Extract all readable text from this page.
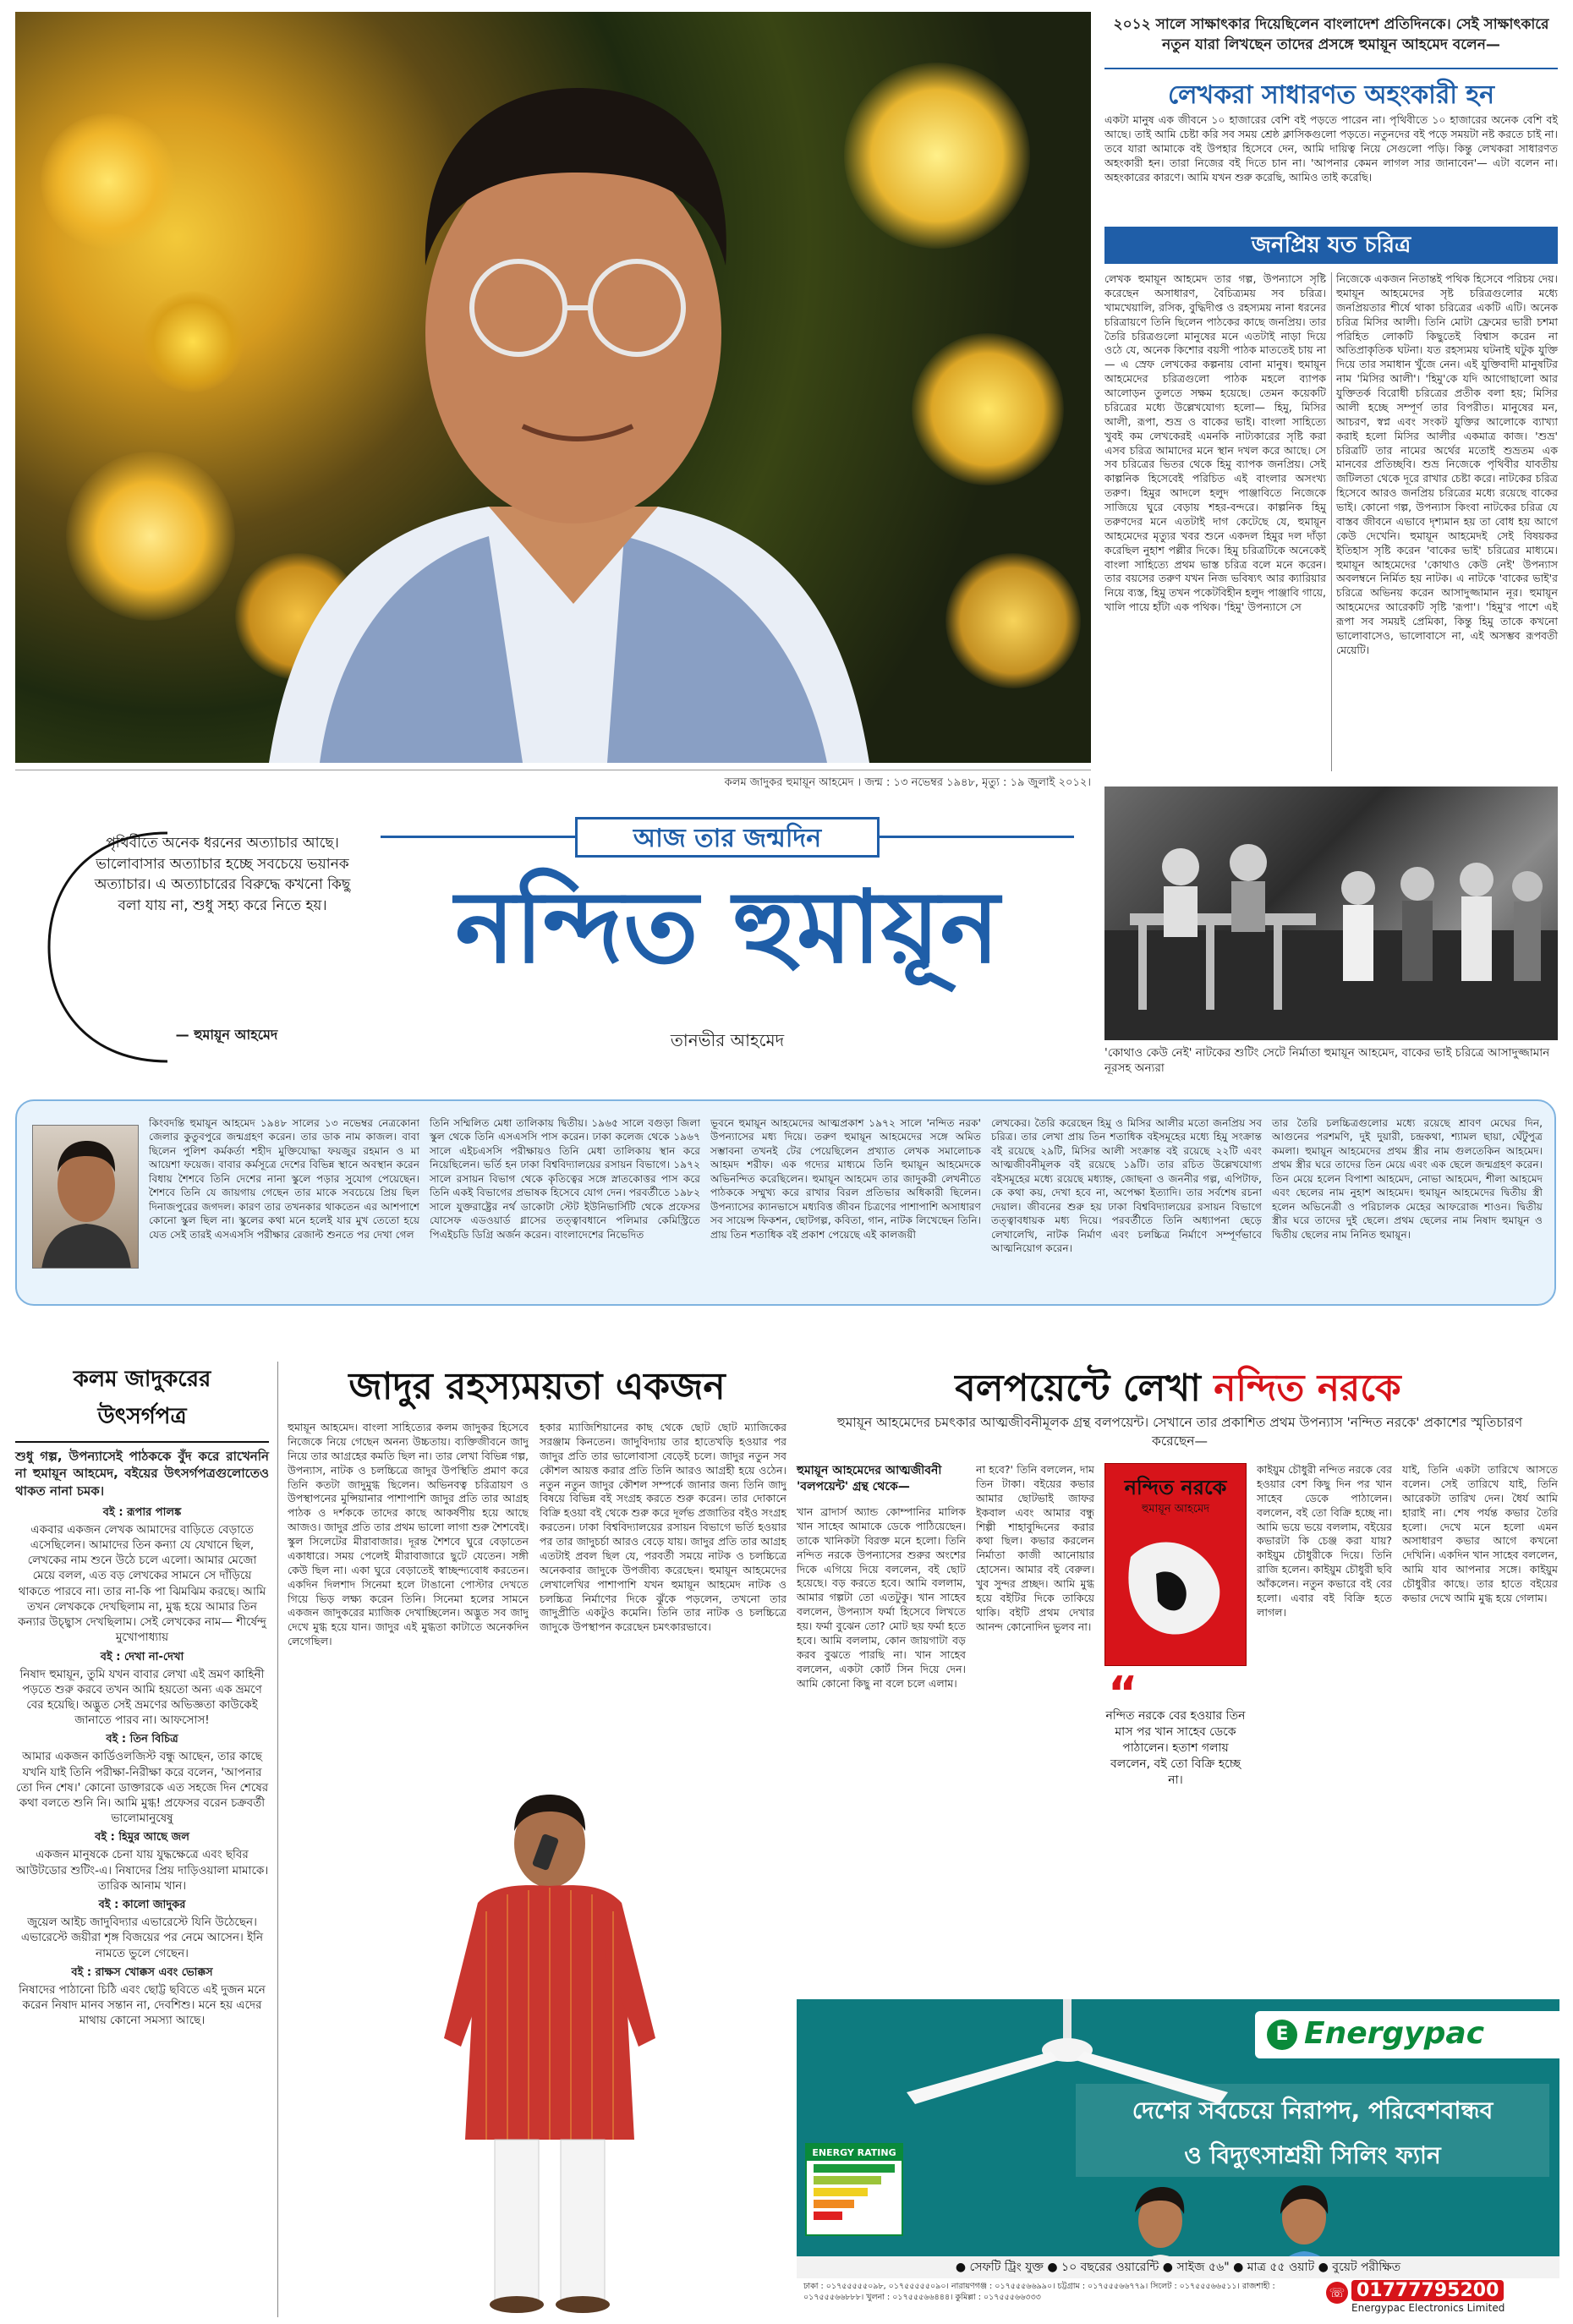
কলম জাদুকর হুমায়ূন আহমেদ । জন্ম : ১৩ নভেম্বর ১৯৪৮, মৃত্যু : ১৯ জুলাই ২০১২।
২০১২ সালে সাক্ষাৎকার দিয়েছিলেন বাংলাদেশ প্রতিদিনকে। সেই সাক্ষাৎকারে নতুন যারা লিখছেন তাদের প্রসঙ্গে হুমায়ূন আহমেদ বলেন—
লেখকরা সাধারণত অহংকারী হন
একটা মানুষ এক জীবনে ১০ হাজারের বেশি বই পড়তে পারেন না। পৃথিবীতে ১০ হাজারের অনেক বেশি বই আছে। তাই আমি চেষ্টা করি সব সময় শ্রেষ্ঠ ক্লাসিকগুলো পড়তে। নতুনদের বই পড়ে সময়টা নষ্ট করতে চাই না। তবে যারা আমাকে বই উপহার হিসেবে দেন, আমি দায়িত্ব নিয়ে সেগুলো পড়ি। কিন্তু লেখকরা সাধারণত অহংকারী হন। তারা নিজের বই দিতে চান না। 'আপনার কেমন লাগল সার জানাবেন'— এটা বলেন না। অহংকারের কারণে। আমি যখন শুরু করেছি, আমিও তাই করেছি।
জনপ্রিয় যত চরিত্র
লেখক হুমায়ূন আহমেদ তার গল্প, উপন্যাসে সৃষ্টি করেছেন অসাধারণ, বৈচিত্র্যময় সব চরিত্র। খামখেয়ালি, রসিক, বুদ্ধিদীপ্ত ও রহস্যময় নানা ধরনের চরিত্রায়ণে তিনি ছিলেন পাঠকের কাছে জনপ্রিয়। তার তৈরি চরিত্রগুলো মানুষের মনে এতটাই নাড়া দিয়ে ওঠে যে, অনেক কিশোর বয়সী পাঠক মাততেই চায় না— এ স্রেফ লেখকের কল্পনায় বোনা মানুষ। হুমায়ূন আহমেদের চরিত্রগুলো পাঠক মহলে ব্যাপক আলোড়ন তুলতে সক্ষম হয়েছে। তেমন কয়েকটি চরিত্রের মধ্যে উল্লেখযোগ্য হলো— হিমু, মিসির আলী, রূপা, শুভ্র ও বাকের ভাই। বাংলা সাহিত্যে খুবই কম লেখকেরই এমনকি নাট্যকারের সৃষ্টি করা এসব চরিত্র আমাদের মনে স্থান দখল করে আছে। সে সব চরিত্রের ভিতর থেকে হিমু ব্যাপক জনপ্রিয়। সেই কাল্পনিক হিসেবেই পরিচিত এই বাংলার অসংখ্য তরুণ। হিমুর আদলে হলুদ পাঞ্জাবিতে নিজেকে সাজিয়ে ঘুরে বেড়ায় শহর-বন্দরে। কাল্পনিক হিমু তরুণদের মনে এতটাই দাগ কেটেছে যে, হুমায়ূন আহমেদের মৃত্যুর খবর শুনে একদল হিমুর দল দাঁড়া করেছিল নুহাশ পল্লীর দিকে। হিমু চরিত্রটিকে অনেকেই বাংলা সাহিত্যে প্রথম ভাস্ত চরিত্র বলে মনে করেন। তার বয়সের তরুণ যখন নিজ ভবিষ্যৎ আর ক্যারিয়ার নিয়ে ব্যস্ত, হিমু তখন পকেটবিহীন হলুদ পাঞ্জাবি গায়ে, খালি পায়ে হাঁটা এক পথিক। 'হিমু' উপন্যাসে সে
নিজেকে একজন নিতান্তই পথিক হিসেবে পরিচয় দেয়। হুমায়ূন আহমেদের সৃষ্ট চরিত্রগুলোর মধ্যে জনপ্রিয়তার শীর্ষে থাকা চরিত্রের একটি এটি। অনেক চরিত্র মিসির আলী। তিনি মোটা ফ্রেমের ভারী চশমা পরিহিত লোকটি কিছুতেই বিশ্বাস করেন না অতিপ্রাকৃতিক ঘটনা। যত রহস্যময় ঘটনাই ঘটুক যুক্তি দিয়ে তার সমাধান খুঁজে নেন। এই যুক্তিবাদী মানুষটির নাম 'মিসির আলী'। 'হিমু'কে যদি আগোছালো আর যুক্তিতর্ক বিরোধী চরিত্রের প্রতীক বলা হয়; মিসির আলী হচ্ছে সম্পূর্ণ তার বিপরীত। মানুষের মন, আচরণ, স্বপ্ন এবং সংকট যুক্তির আলোকে ব্যাখ্যা করাই হলো মিসির আলীর একমাত্র কাজ। 'শুভ্র' চরিত্রটি তার নামের অর্থের মতোই শুভ্রতম এক মানবের প্রতিচ্ছবি। শুভ্র নিজেকে পৃথিবীর যাবতীয় জটিলতা থেকে দূরে রাখার চেষ্টা করে। নাটকের চরিত্র হিসেবে আরও জনপ্রিয় চরিত্রের মধ্যে রয়েছে বাকের ভাই। কোনো গল্প, উপন্যাস কিংবা নাটকের চরিত্র যে বাস্তব জীবনে এভাবে দৃশ্যমান হয় তা বোধ হয় আগে কেউ দেখেনি। হুমায়ূন আহমেদই সেই বিষয়কর ইতিহাস সৃষ্টি করেন 'বাকের ভাই' চরিত্রের মাধ্যমে। হুমায়ূন আহমেদের 'কোথাও কেউ নেই' উপন্যাস অবলম্বনে নির্মিত হয় নাটক। এ নাটকে 'বাকের ভাই'র চরিত্রে অভিনয় করেন আসাদুজ্জামান নূর। হুমায়ূন আহমেদের আরেকটি সৃষ্টি 'রূপা'। 'হিমু'র পাশে এই রূপা সব সময়ই প্রেমিকা, কিন্তু হিমু তাকে কখনো ভালোবাসেও, ভালোবাসে না, এই অসম্ভব রূপবতী মেয়েটি।
পৃথিবীতে অনেক ধরনের অত্যাচার আছে। ভালোবাসার অত্যাচার হচ্ছে সবচেয়ে ভয়ানক অত্যাচার। এ অত্যাচারের বিরুদ্ধে কখনো কিছু বলা যায় না, শুধু সহ্য করে নিতে হয়।
— হুমায়ূন আহমেদ
আজ তার জন্মদিন
নন্দিত হুমায়ূন
তানভীর আহমেদ
'কোথাও কেউ নেই' নাটকের শুটিং সেটে নির্মাতা হুমায়ূন আহমেদ, বাকের ভাই চরিত্রে আসাদুজ্জামান নূরসহ অন্যরা
কিংবদন্তি হুমায়ূন আহমেদ ১৯৪৮ সালের ১৩ নভেম্বর নেত্রকোনা জেলার কুতুবপুরে জন্মগ্রহণ করেন। তার ডাক নাম কাজল। বাবা ছিলেন পুলিশ কর্মকর্তা শহীদ মুক্তিযোদ্ধা ফয়জুর রহমান ও মা আয়েশা ফয়েজ। বাবার কর্মসূত্রে দেশের বিভিন্ন স্থানে অবস্থান করেন বিধায় শৈশবে তিনি দেশের নানা স্কুলে পড়ার সুযোগ পেয়েছেন। শৈশবে তিনি যে জায়গায় গেছেন তার মাকে সবচেয়ে প্রিয় ছিল দিনাজপুরের জগদল। কারণ তার তখনকার থাকতেন এর আশপাশে কোনো স্কুল ছিল না। স্কুলের কথা মনে হলেই যার মুখ তেতো হয়ে যেত সেই তারই এসএসসি পরীক্ষার রেজাল্ট শুনতে পর দেখা গেল
তিনি সম্মিলিত মেধা তালিকায় দ্বিতীয়। ১৯৬৫ সালে বগুড়া জিলা স্কুল থেকে তিনি এসএসসি পাস করেন। ঢাকা কলেজ থেকে ১৯৬৭ সালে এইচএসসি পরীক্ষায়ও তিনি মেধা তালিকায় স্থান করে নিয়েছিলেন। ভর্তি হন ঢাকা বিশ্ববিদ্যালয়ের রসায়ন বিভাগে। ১৯৭২ সালে রসায়ন বিভাগ থেকে কৃতিত্বের সঙ্গে স্নাতকোত্তর পাস করে তিনি একই বিভাগের প্রভাষক হিসেবে যোগ দেন। পরবর্তীতে ১৯৮২ সালে যুক্তরাষ্ট্রের নর্থ ডাকোটা স্টেট ইউনিভার্সিটি থেকে প্রফেসর যোসেফ এডওয়ার্ড গ্লাসের তত্ত্বাবধানে পলিমার কেমিস্ট্রিতে পিএইচডি ডিগ্রি অর্জন করেন। বাংলাদেশের নিভেদিত
ভূবনে হুমায়ূন আহমেদের আত্মপ্রকাশ ১৯৭২ সালে 'নন্দিত নরক' উপন্যাসের মধ্য দিয়ে। তরুণ হুমায়ূন আহমেদের সঙ্গে অমিত সম্ভাবনা তখনই টের পেয়েছিলেন প্রখ্যাত লেখক সমালোচক আহমদ শরীফ। এক গদ্যের মাধ্যমে তিনি হুমায়ূন আহমেদকে অভিনন্দিত করেছিলেন। হুমায়ূন আহমেদ তার জাদুকরী লেখনীতে পাঠককে সম্মুখ্য করে রাখার বিরল প্রতিভার অধিকারী ছিলেন। উপন্যাসের ক্যানভাসে মধ্যবিত্ত জীবন চিত্রণের পাশাপাশি অসাধারণ সব সায়েন্স ফিকশন, ছোটগল্প, কবিতা, গান, নাটক লিখেছেন তিনি। প্রায় তিন শতাধিক বই প্রকাশ পেয়েছে এই কালজয়ী
লেখকের। তৈরি করেছেন হিমু ও মিসির আলীর মতো জনপ্রিয় সব চরিত্র। তার লেখা প্রায় তিন শতাধিক বইসমূহের মধ্যে হিমু সংক্রান্ত বই রয়েছে ২৯টি, মিসির আলী সংক্রান্ত বই রয়েছে ২২টি এবং আত্মজীবনীমূলক বই রয়েছে ১৯টি। তার রচিত উল্লেখযোগ্য বইসমূহের মধ্যে রয়েছে মধ্যাহ্ন, জোছনা ও জননীর গল্প, এপিটাফ, কে কথা কয়, দেখা হবে না, অপেক্ষা ইত্যাদি। তার সর্বশেষ রচনা দেয়াল। জীবনের শুরু হয় ঢাকা বিশ্ববিদ্যালয়ের রসায়ন বিভাগে তত্ত্বাবধায়ক মধ্য দিয়ে। পরবর্তীতে তিনি অধ্যাপনা ছেড়ে লেখালেখি, নাটক নির্মাণ এবং চলচ্চিত্র নির্মাণে সম্পূর্ণভাবে আত্মনিয়োগ করেন।
তার তৈরি চলচ্চিত্রগুলোর মধ্যে রয়েছে শ্রাবণ মেঘের দিন, আগুনের পরশমণি, দুই দুয়ারী, চন্দ্রকথা, শ্যামল ছায়া, ঘেঁটুপুত্র কমলা। হুমায়ূন আহমেদের প্রথম স্ত্রীর নাম গুলতেকিন আহমেদ। প্রথম স্ত্রীর ঘরে তাদের তিন মেয়ে এবং এক ছেলে জন্মগ্রহণ করেন। তিন মেয়ে হলেন বিপাশা আহমেদ, নোভা আহমেদ, শীলা আহমেদ এবং ছেলের নাম নুহাশ আহমেদ। হুমায়ূন আহমেদের দ্বিতীয় স্ত্রী হলেন অভিনেত্রী ও পরিচালক মেহের আফরোজ শাওন। দ্বিতীয় স্ত্রীর ঘরে তাদের দুই ছেলে। প্রথম ছেলের নাম নিষাদ হুমায়ূন ও দ্বিতীয় ছেলের নাম নিনিত হুমায়ূন।
কলম জাদুকরের
উৎসর্গপত্র
শুধু গল্প, উপন্যাসেই পাঠককে বুঁদ করে রাখেননি না হুমায়ূন আহমেদ, বইয়ের উৎসর্গপত্রগুলোতেও থাকত নানা চমক।
বই : রূপার পালঙ্ক
একবার একজন লেখক আমাদের বাড়িতে বেড়াতে এসেছিলেন। আমাদের তিন কন্যা যে যেখানে ছিল, লেখকের নাম শুনে উঠে চলে এলো। আমার মেজো মেয়ে বলল, এত বড় লেখকের সামনে সে দাঁড়িয়ে থাকতে পারবে না। তার না-কি পা ঝিমঝিম করছে। আমি তখন লেখককে দেখছিলাম না, মুগ্ধ হয়ে আমার তিন কন্যার উচ্ছ্বাস দেখছিলাম। সেই লেখকের নাম— শীর্ষেন্দু মুখোপাধ্যায়
বই : দেখা না-দেখা
নিষাদ হুমায়ূন, তুমি যখন বাবার লেখা এই ভ্রমণ কাহিনী পড়তে শুরু করবে তখন আমি হয়তো অন্য এক ভ্রমণে বের হয়েছি। অদ্ভুত সেই ভ্রমণের অভিজ্ঞতা কাউকেই জানাতে পারব না। আফসোস!
বই : তিন বিচিত্র
আমার একজন কার্ডিওলজিস্ট বন্ধু আছেন, তার কাছে যখনি যাই তিনি পরীক্ষা-নিরীক্ষা করে বলেন, 'আপনার তো দিন শেষ।' কোনো ডাক্তারকে এত সহজে দিন শেষের কথা বলতে শুনি নি। আমি মুগ্ধ! প্রফেসর বরেন চক্রবর্তী ভালোমানুষেষু
বই : হিমুর আছে জল
একজন মানুষকে চেনা যায় যুদ্ধক্ষেত্রে এবং ছবির আউটডোর শুটিং-এ। নিষাদের প্রিয় দাড়িওয়ালা মামাকে। তারিক আনাম খান।
বই : কালো জাদুকর
জুয়েল আইচ জাদুবিদ্যার এভারেস্টে যিনি উঠেছেন। এভারেস্টে জয়ীরা শৃঙ্গ বিজয়ের পর নেমে আসেন। ইনি নামতে ভুলে গেছেন।
বই : রাক্ষস খোক্কস এবং ভোক্কস
নিষাদের পাঠানো চিঠি এবং ছোট্ট ছবিতে এই দুজন মনে করেন নিষাদ মানব সন্তান না, দেবশিশু। মনে হয় এদের মাথায় কোনো সমস্যা আছে।
জাদুর রহস্যময়তা একজন
হুমায়ূন আহমেদ। বাংলা সাহিত্যের কলম জাদুকর হিসেবে নিজেকে নিয়ে গেছেন অনন্য উচ্চতায়। ব্যক্তিজীবনে জাদু নিয়ে তার আগ্রহের কমতি ছিল না। তার লেখা বিভিন্ন গল্প, উপন্যাস, নাটক ও চলচ্চিত্রে জাদুর উপস্থিতি প্রমাণ করে তিনি কতটা জাদুমুগ্ধ ছিলেন। অভিনবত্ব চরিত্রায়ণ ও উপস্থাপনের মুন্সিয়ানার পাশাপাশি জাদুর প্রতি তার আগ্রহ পাঠক ও দর্শককে তাদের কাছে আকর্ষণীয় হয়ে আছে আজও। জাদুর প্রতি তার প্রথম ভালো লাগা শুরু শৈশবেই। স্কুল সিলেটের মীরাবাজার। দূরন্ত শৈশবে ঘুরে বেড়াতেন একাধারে। সময় পেলেই মীরাবাজারে ছুটে যেতেন। সঙ্গী কেউ ছিল না। একা ঘুরে বেড়াতেই স্বাচ্ছন্দ্যবোধ করতেন। একদিন দিলশাদ সিনেমা হলে টাঙানো পোস্টার দেখতে গিয়ে ভিড় লক্ষ্য করেন তিনি। সিনেমা হলের সামনে একজন জাদুকরের ম্যাজিক দেখাচ্ছিলেন। অদ্ভুত সব জাদু দেখে মুগ্ধ হয়ে যান। জাদুর এই মুগ্ধতা কাটাতে অনেকদিন লেগেছিল।
হকার ম্যাজিশিয়ানের কাছ থেকে ছোট ছোট ম্যাজিকের সরঞ্জাম কিনতেন। জাদুবিদ্যায় তার হাতেখড়ি হওয়ার পর জাদুর প্রতি তার ভালোবাসা বেড়েই চলে। জাদুর নতুন সব কৌশল আয়ত্ত করার প্রতি তিনি আরও আগ্রহী হয়ে ওঠেন। নতুন নতুন জাদুর কৌশল সম্পর্কে জানার জন্য তিনি জাদু বিষয়ে বিভিন্ন বই সংগ্রহ করতে শুরু করেন। তার দোকানে বিক্রি হওয়া বই থেকে শুরু করে দূর্লভ প্রজাতির বইও সংগ্রহ করতেন। ঢাকা বিশ্ববিদ্যালয়ের রসায়ন বিভাগে ভর্তি হওয়ার পর তার জাদুচর্চা আরও বেড়ে যায়। জাদুর প্রতি তার আগ্রহ এতটাই প্রবল ছিল যে, পরবর্তী সময়ে নাটক ও চলচ্চিত্রে অনেকবার জাদুকে উপজীব্য করেছেন। হুমায়ূন আহমেদের লেখালেখির পাশাপাশি যখন হুমায়ূন আহমেদ নাটক ও চলচ্চিত্র নির্মাণের দিকে ঝুঁকে পড়লেন, তখনো তার জাদুপ্রীতি একটুও কমেনি। তিনি তার নাটক ও চলচ্চিত্রে জাদুকে উপস্থাপন করেছেন চমৎকারভাবে।
বলপয়েন্টে লেখা নন্দিত নরকে
হুমায়ূন আহমেদের চমৎকার আত্মজীবনীমূলক গ্রন্থ বলপয়েন্ট। সেখানে তার প্রকাশিত প্রথম উপন্যাস 'নন্দিত নরকে' প্রকাশের স্মৃতিচারণ করেছেন—
হুমায়ূন আহমেদের আত্মজীবনী 'বলপয়েন্ট' গ্রন্থ থেকে—
খান ব্রাদার্স অ্যান্ড কোম্পানির মালিক খান সাহেব আমাকে ডেকে পাঠিয়েছেন। তাকে খানিকটা বিরক্ত মনে হলো। তিনি নন্দিত নরকে উপন্যাসের শুরুর অংশের দিকে এগিয়ে দিয়ে বললেন, বই ছোট হয়েছে। বড় করতে হবে। আমি বললাম, আমার গল্পটা তো এতটুকু। খান সাহেব বললেন, উপন্যাস ফর্মা হিসেবে লিখতে হয়। ফর্মা বুঝেন তো? মোট ছয় ফর্মা হতে হবে। আমি বললাম, কোন জায়গাটা বড় করব বুঝতে পারছি না। খান সাহেব বললেন, একটা কোর্ট সিন দিয়ে দেন। আমি কোনো কিছু না বলে চলে এলাম।
না হবে?' তিনি বললেন, দাম তিন টাকা। বইয়ের কভার আমার ছোটভাই জাফর ইকবাল এবং আমার বন্ধু শিল্পী শাহাবুদ্দিনের করার কথা ছিল। কভার করলেন নির্মাতা কাজী আনোয়ার হোসেন। আমার বই বেরুল। খুব সুন্দর প্রচ্ছদ। আমি মুগ্ধ হয়ে বইটির দিকে তাকিয়ে থাকি। বইটি প্রথম দেখার আনন্দ কোনোদিন ভুলব না।
নন্দিত নরকে
হুমায়ূন আহমেদ
“
নন্দিত নরকে বের হওয়ার তিন মাস পর খান সাহেব ডেকে পাঠালেন। হতাশ গলায় বললেন, বই তো বিক্রি হচ্ছে না।
কাইয়ুম চৌধুরী নন্দিত নরকে বের হওয়ার বেশ কিছু দিন পর খান সাহেব ডেকে পাঠালেন। বললেন, বই তো বিক্রি হচ্ছে না। আমি ভয়ে ভয়ে বললাম, বইয়ের কভারটা কি চেঞ্জ করা যায়? কাইয়ুম চৌধুরীকে দিয়ে। তিনি রাজি হলেন। কাইয়ুম চৌধুরী ছবি আঁকলেন। নতুন কভারে বই বের হলো। এবার বই বিক্রি হতে লাগল।
যাই, তিনি একটা তারিখে আসতে বলেন। সেই তারিখে যাই, তিনি আরেকটা তারিখ দেন। ধৈর্য আমি হারাই না। শেষ পর্যন্ত কভার তৈরি হলো। দেখে মনে হলো এমন অসাধারণ কভার আগে কখনো দেখিনি। একদিন খান সাহেব বললেন, আমি যাব আপনার সঙ্গে। কাইয়ুম চৌধুরীর কাছে। তার হাতে বইয়ের কভার দেখে আমি মুগ্ধ হয়ে গেলাম।
E Energypac
দেশের সবচেয়ে নিরাপদ, পরিবেশবান্ধব
ও বিদ্যুৎসাশ্রয়ী সিলিং ফ্যান
ENERGY RATING
● সেফটি ট্রিং যুক্ত ● ১০ বছরের ওয়ারেন্টি ● সাইজ ৫৬" ● মাত্র ৫৫ ওয়াট ● বুয়েট পরীক্ষিত
ঢাকা : ০১৭৫৫৫৫৫০৯৮, ০১৭৫৫৫৫৫০৯০। নারায়ণগঞ্জ : ০১৭৫৫৫৬৬৯৯০। চট্টগ্রাম : ০১৭৫৫৫৬৬৭৭৯। সিলেট : ০১৭৫৫৫৬৬৫১১। রাজশাহী : ০১৭৫৫৫৬৬৮৮৮। খুলনা : ০১৭৫৫৫৬৬৪৪৪। কুমিল্লা : ০১৭৫৫৫৬৬৩৩৩	☏ 01777795200
Energypac Electronics Limited
